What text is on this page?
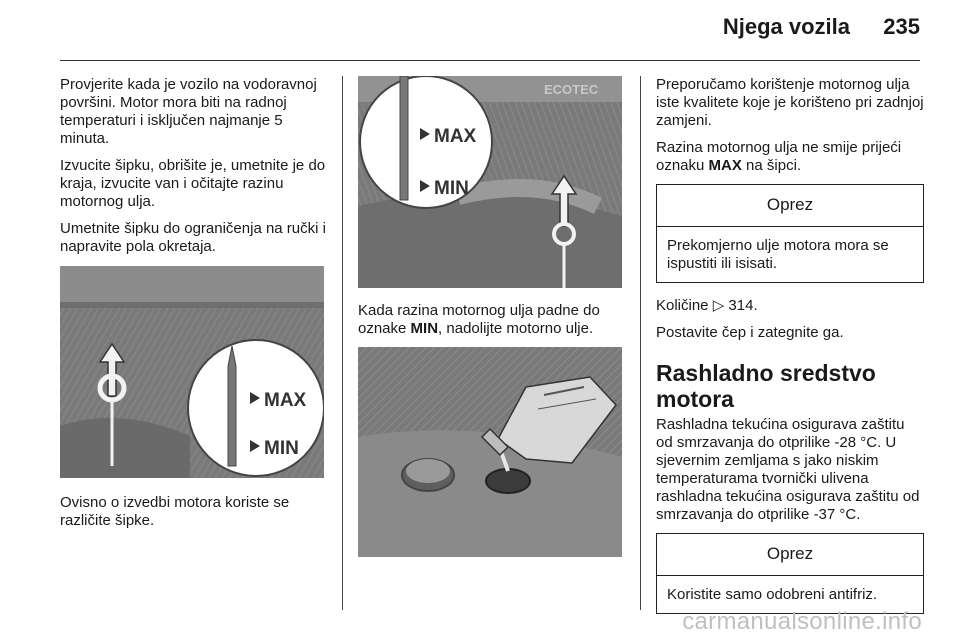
Njega vozila 235

Provjerite kada je vozilo na vodoravnoj površini. Motor mora biti na radnoj temperaturi i isključen najmanje 5 minuta.

Izvucite šipku, obrišite je, umetnite je do kraja, izvucite van i očitajte razinu motornog ulja.

Umetnite šipku do ograničenja na ručki i napravite pola okretaja.

MAX
MIN

Ovisno o izvedbi motora koriste se različite šipke.

ECOTEC
MAX
MIN

Kada razina motornog ulja padne do oznake MIN, nadolijte motorno ulje.

Preporučamo korištenje motornog ulja iste kvalitete koje je korišteno pri zadnjoj zamjeni.

Razina motornog ulja ne smije prijeći oznaku MAX na šipci.

Oprez
Prekomjerno ulje motora mora se ispustiti ili isisati.

Količine ▷ 314.

Postavite čep i zategnite ga.

Rashladno sredstvo motora

Rashladna tekućina osigurava zaštitu od smrzavanja do otprilike -28 °C. U sjevernim zemljama s jako niskim temperaturama tvornički ulivena rashladna tekućina osigurava zaštitu od smrzavanja do otprilike -37 °C.

Oprez
Koristite samo odobreni antifriz.
carmanualsonline.info
